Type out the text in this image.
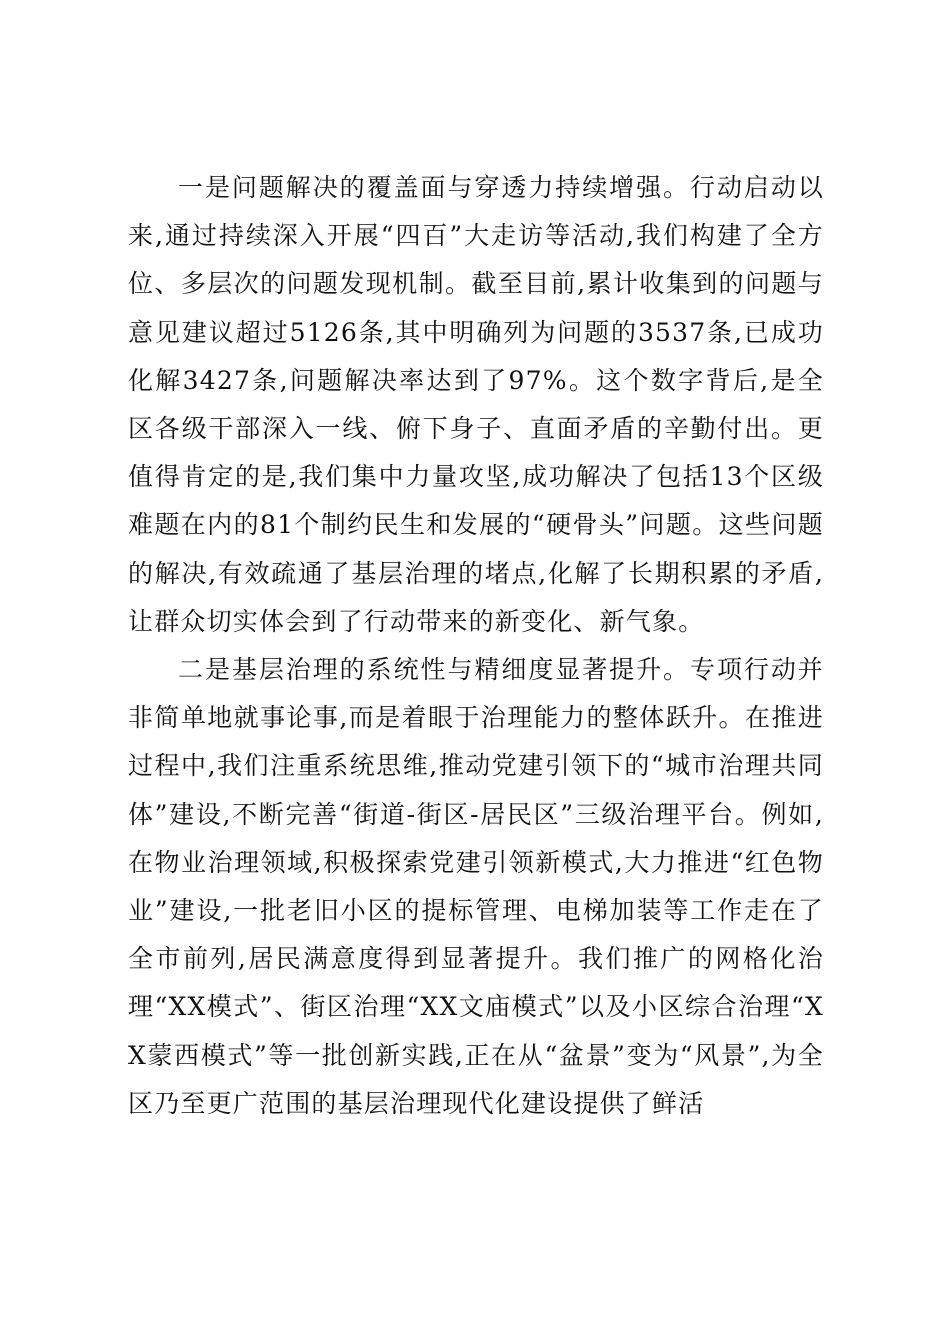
一是问题解决的覆盖面与穿透力持续增强。行动启动以来,通过持续深入开展“四百”大走访等活动,我们构建了全方位、多层次的问题发现机制。截至目前,累计收集到的问题与意见建议超过5126条,其中明确列为问题的3537条,已成功化解3427条,问题解决率达到了97%。这个数字背后,是全区各级干部深入一线、俯下身子、直面矛盾的辛勤付出。更值得肯定的是,我们集中力量攻坚,成功解决了包括13个区级难题在内的81个制约民生和发展的“硬骨头”问题。这些问题的解决,有效疏通了基层治理的堵点,化解了长期积累的矛盾,让群众切实体会到了行动带来的新变化、新气象。

二是基层治理的系统性与精细度显著提升。专项行动并非简单地就事论事,而是着眼于治理能力的整体跃升。在推进过程中,我们注重系统思维,推动党建引领下的“城市治理共同体”建设,不断完善“街道-街区-居民区”三级治理平台。例如,在物业治理领域,积极探索党建引领新模式,大力推进“红色物业”建设,一批老旧小区的提标管理、电梯加装等工作走在了全市前列,居民满意度得到显著提升。我们推广的网格化治理“XX模式”、街区治理“XX文庙模式”以及小区综合治理“XX蒙西模式”等一批创新实践,正在从“盆景”变为“风景”,为全区乃至更广范围的基层治理现代化建设提供了鲜活
